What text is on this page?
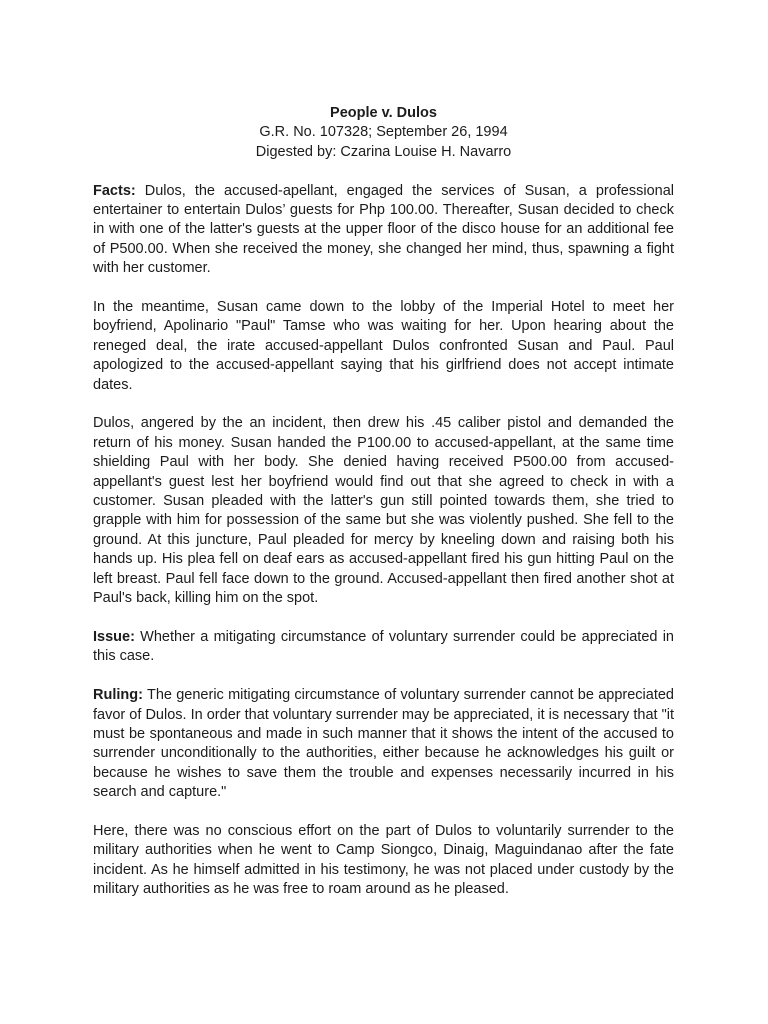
People v. Dulos
G.R. No. 107328; September 26, 1994
Digested by: Czarina Louise H. Navarro

Facts: Dulos, the accused-apellant, engaged the services of Susan, a professional entertainer to entertain Dulos’ guests for Php 100.00. Thereafter, Susan decided to check in with one of the latter's guests at the upper floor of the disco house for an additional fee of P500.00. When she received the money, she changed her mind, thus, spawning a fight with her customer.

In the meantime, Susan came down to the lobby of the Imperial Hotel to meet her boyfriend, Apolinario "Paul" Tamse who was waiting for her. Upon hearing about the reneged deal, the irate accused-appellant Dulos confronted Susan and Paul. Paul apologized to the accused-appellant saying that his girlfriend does not accept intimate dates.

Dulos, angered by the an incident, then drew his .45 caliber pistol and demanded the return of his money. Susan handed the P100.00 to accused-appellant, at the same time shielding Paul with her body. She denied having received P500.00 from accused-appellant's guest lest her boyfriend would find out that she agreed to check in with a customer. Susan pleaded with the latter's gun still pointed towards them, she tried to grapple with him for possession of the same but she was violently pushed. She fell to the ground. At this juncture, Paul pleaded for mercy by kneeling down and raising both his hands up. His plea fell on deaf ears as accused-appellant fired his gun hitting Paul on the left breast. Paul fell face down to the ground. Accused-appellant then fired another shot at Paul's back, killing him on the spot.

Issue: Whether a mitigating circumstance of voluntary surrender could be appreciated in this case.

Ruling: The generic mitigating circumstance of voluntary surrender cannot be appreciated favor of Dulos. In order that voluntary surrender may be appreciated, it is necessary that "it must be spontaneous and made in such manner that it shows the intent of the accused to surrender unconditionally to the authorities, either because he acknowledges his guilt or because he wishes to save them the trouble and expenses necessarily incurred in his search and capture."

Here, there was no conscious effort on the part of Dulos to voluntarily surrender to the military authorities when he went to Camp Siongco, Dinaig, Maguindanao after the fate incident. As he himself admitted in his testimony, he was not placed under custody by the military authorities as he was free to roam around as he pleased.
